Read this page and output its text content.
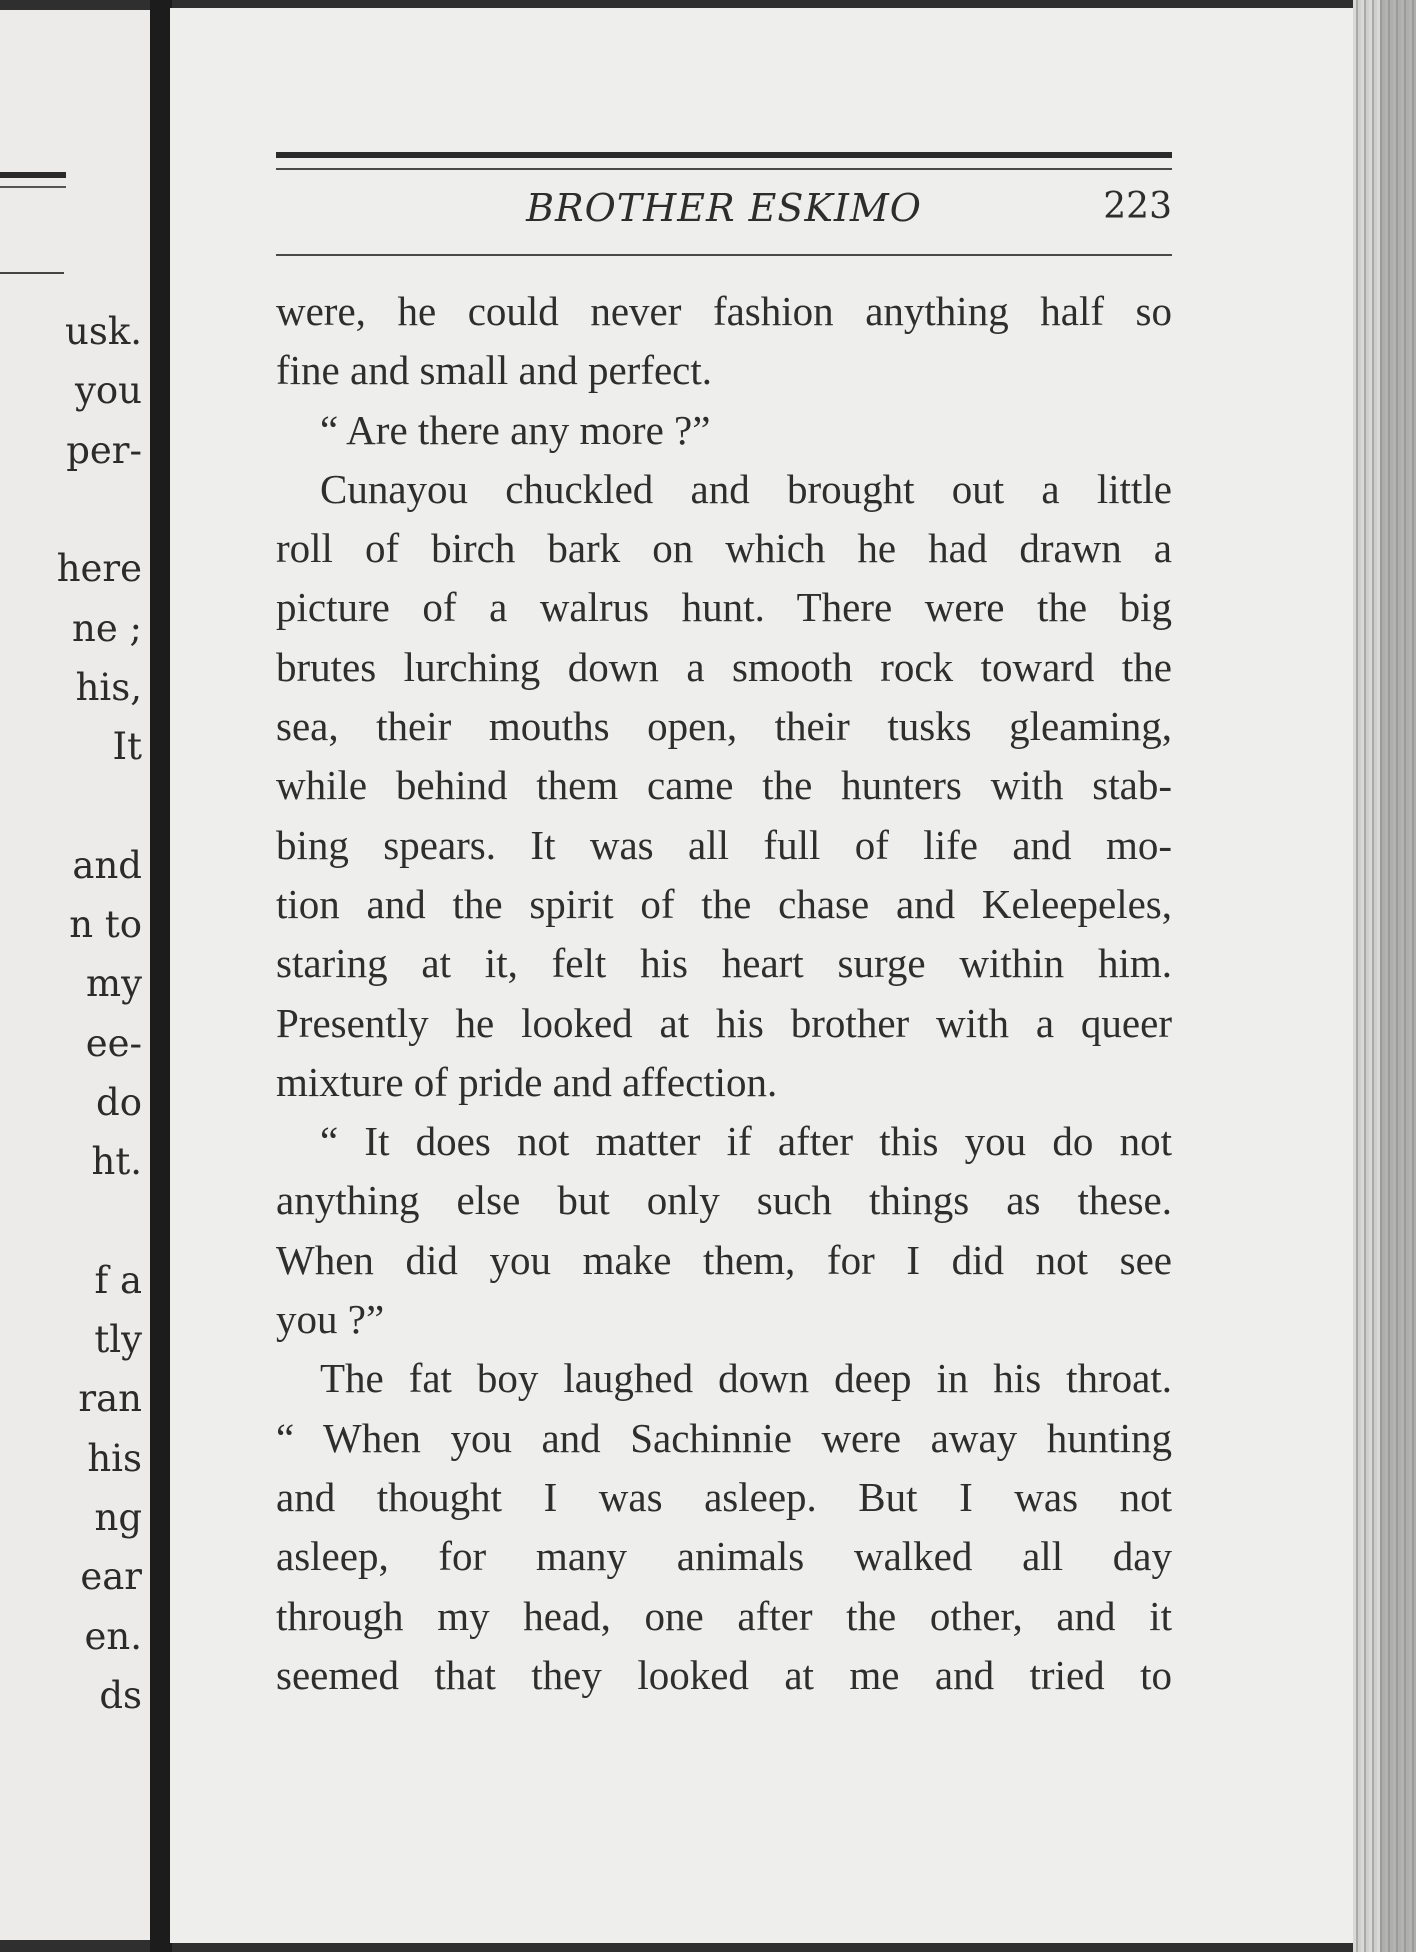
usk.
you
per-
here
ne ;
his,
It
and
n to
my
ee-
do
ht.
f a
tly
ran
his
ng
ear
en.
ds
BROTHER ESKIMO	223
were, he could never fashion anything half so
fine and small and perfect.
“ Are there any more ?”
Cunayou chuckled and brought out a little
roll of birch bark on which he had drawn a
picture of a walrus hunt. There were the big
brutes lurching down a smooth rock toward the
sea, their mouths open, their tusks gleaming,
while behind them came the hunters with stab-
bing spears. It was all full of life and mo-
tion and the spirit of the chase and Keleepeles,
staring at it, felt his heart surge within him.
Presently he looked at his brother with a queer
mixture of pride and affection.
“ It does not matter if after this you do not
anything else but only such things as these.
When did you make them, for I did not see
you ?”
The fat boy laughed down deep in his throat.
“ When you and Sachinnie were away hunting
and thought I was asleep. But I was not
asleep, for many animals walked all day
through my head, one after the other, and it
seemed that they looked at me and tried to
